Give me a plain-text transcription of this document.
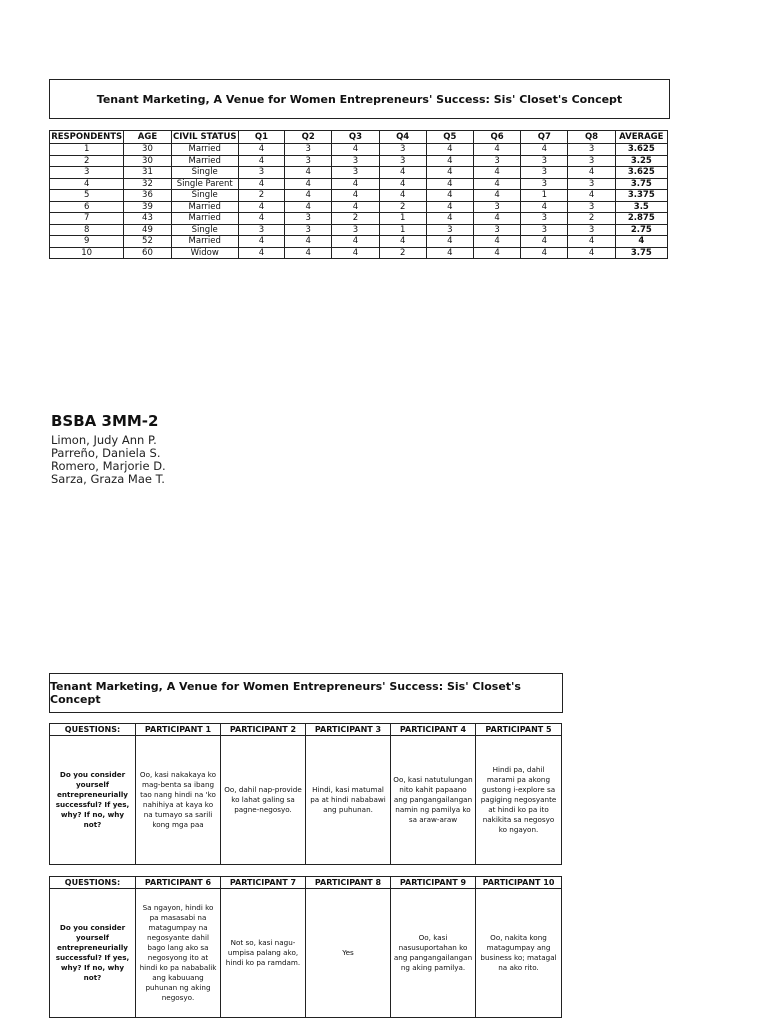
Tenant Marketing, A Venue for Women Entrepreneurs' Success: Sis' Closet's Concept
RESPONDENTS	AGE	CIVIL STATUS	Q1	Q2	Q3	Q4	Q5	Q6	Q7	Q8	AVERAGE
1	30	Married	4	3	4	3	4	4	4	3	3.625
2	30	Married	4	3	3	3	4	3	3	3	3.25
3	31	Single	3	4	3	4	4	4	3	4	3.625
4	32	Single Parent	4	4	4	4	4	4	3	3	3.75
5	36	Single	2	4	4	4	4	4	1	4	3.375
6	39	Married	4	4	4	2	4	3	4	3	3.5
7	43	Married	4	3	2	1	4	4	3	2	2.875
8	49	Single	3	3	3	1	3	3	3	3	2.75
9	52	Married	4	4	4	4	4	4	4	4	4
10	60	Widow	4	4	4	2	4	4	4	4	3.75
BSBA 3MM-2
Limon, Judy Ann P.
Parreño, Daniela S.
Romero, Marjorie D.
Sarza, Graza Mae T.
Tenant Marketing, A Venue for Women Entrepreneurs' Success: Sis' Closet's Concept
QUESTIONS:	PARTICIPANT 1	PARTICIPANT 2	PARTICIPANT 3	PARTICIPANT 4	PARTICIPANT 5
Do you consider yourself entrepreneurially successful? If yes, why? If no, why not?	Oo, kasi nakakaya ko mag-benta sa ibang tao nang hindi na 'ko nahihiya at kaya ko na tumayo sa sarili kong mga paa	Oo, dahil nap-provide ko lahat galing sa pagne-negosyo.	Hindi, kasi matumal pa at hindi nababawi ang puhunan.	Oo, kasi natutulungan nito kahit papaano ang pangangailangan namin ng pamilya ko sa araw-araw	Hindi pa, dahil marami pa akong gustong i-explore sa pagiging negosyante at hindi ko pa ito nakikita sa negosyo ko ngayon.
QUESTIONS:	PARTICIPANT 6	PARTICIPANT 7	PARTICIPANT 8	PARTICIPANT 9	PARTICIPANT 10
Do you consider yourself entrepreneurially successful? If yes, why? If no, why not?	Sa ngayon, hindi ko pa masasabi na matagumpay na negosyante dahil bago lang ako sa negosyong ito at hindi ko pa nababalik ang kabuuang puhunan ng aking negosyo.	Not so, kasi nagu-umpisa palang ako, hindi ko pa ramdam.	Yes	Oo, kasi nasusuportahan ko ang pangangailangan ng aking pamilya.	Oo, nakita kong matagumpay ang business ko; matagal na ako rito.
